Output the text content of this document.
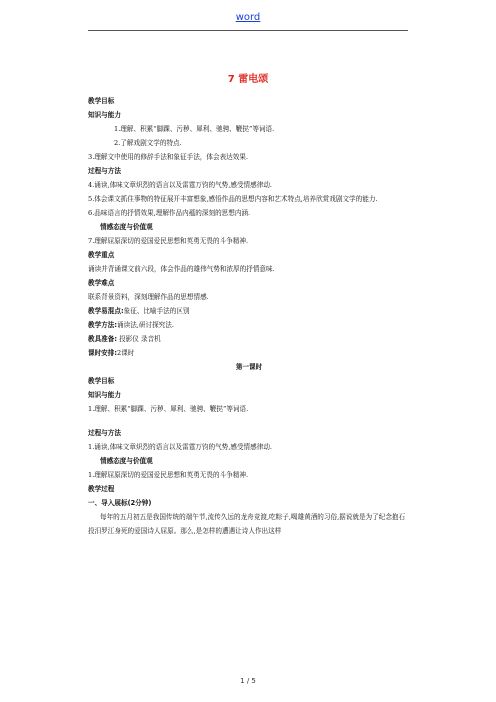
word
7 雷电颂
教学目标
知识与能力
1.理解、积累“脚踝、污秽、犀利、驰骋、鞭挞”等词语.
2.了解戏剧文学的特点.
3.理解文中使用的修辞手法和象征手法，体会表达效果.
过程与方法
4.诵读,体味文章炽烈的语言以及雷霆万钧的气势,感受情感律动.
5.体会课文抓住事物的特征展开丰富想象,感悟作品的思想内容和艺术特点,培养欣赏戏剧文学的能力.
6.品味语言的抒情效果,理解作品内蕴的深刻的思想内涵.
情感态度与价值观
7.理解屈原深切的爱国爱民思想和英勇无畏的斗争精神.
教学重点
诵读并背诵课文前六段，体会作品的雄伟气势和浓厚的抒情意味.
教学难点
联系背景资料，深刻理解作品的思想情感.
教学易混点:象征、比喻手法的区别
教学方法:诵读法,研讨探究法.
教具准备: 投影仪 录音机
课时安排:2课时
第一课时
教学目标
知识与能力
1.理解、积累“脚踝、污秽、犀利、驰骋、鞭挞”等词语.
过程与方法
1.诵读,体味文章炽烈的语言以及雷霆万钧的气势,感受情感律动.
情感态度与价值观
1.理解屈原深切的爱国爱民思想和英勇无畏的斗争精神.
教学过程
一、导入展标(2分钟)
每年的五月初五是我国传统的端午节,流传久远的龙舟竞渡,吃粽子,喝雄黄酒的习俗,据说就是为了纪念抱石投汨罗江身死的爱国诗人屈原。那么,是怎样的遭遇让诗人作出这样
1 / 5
